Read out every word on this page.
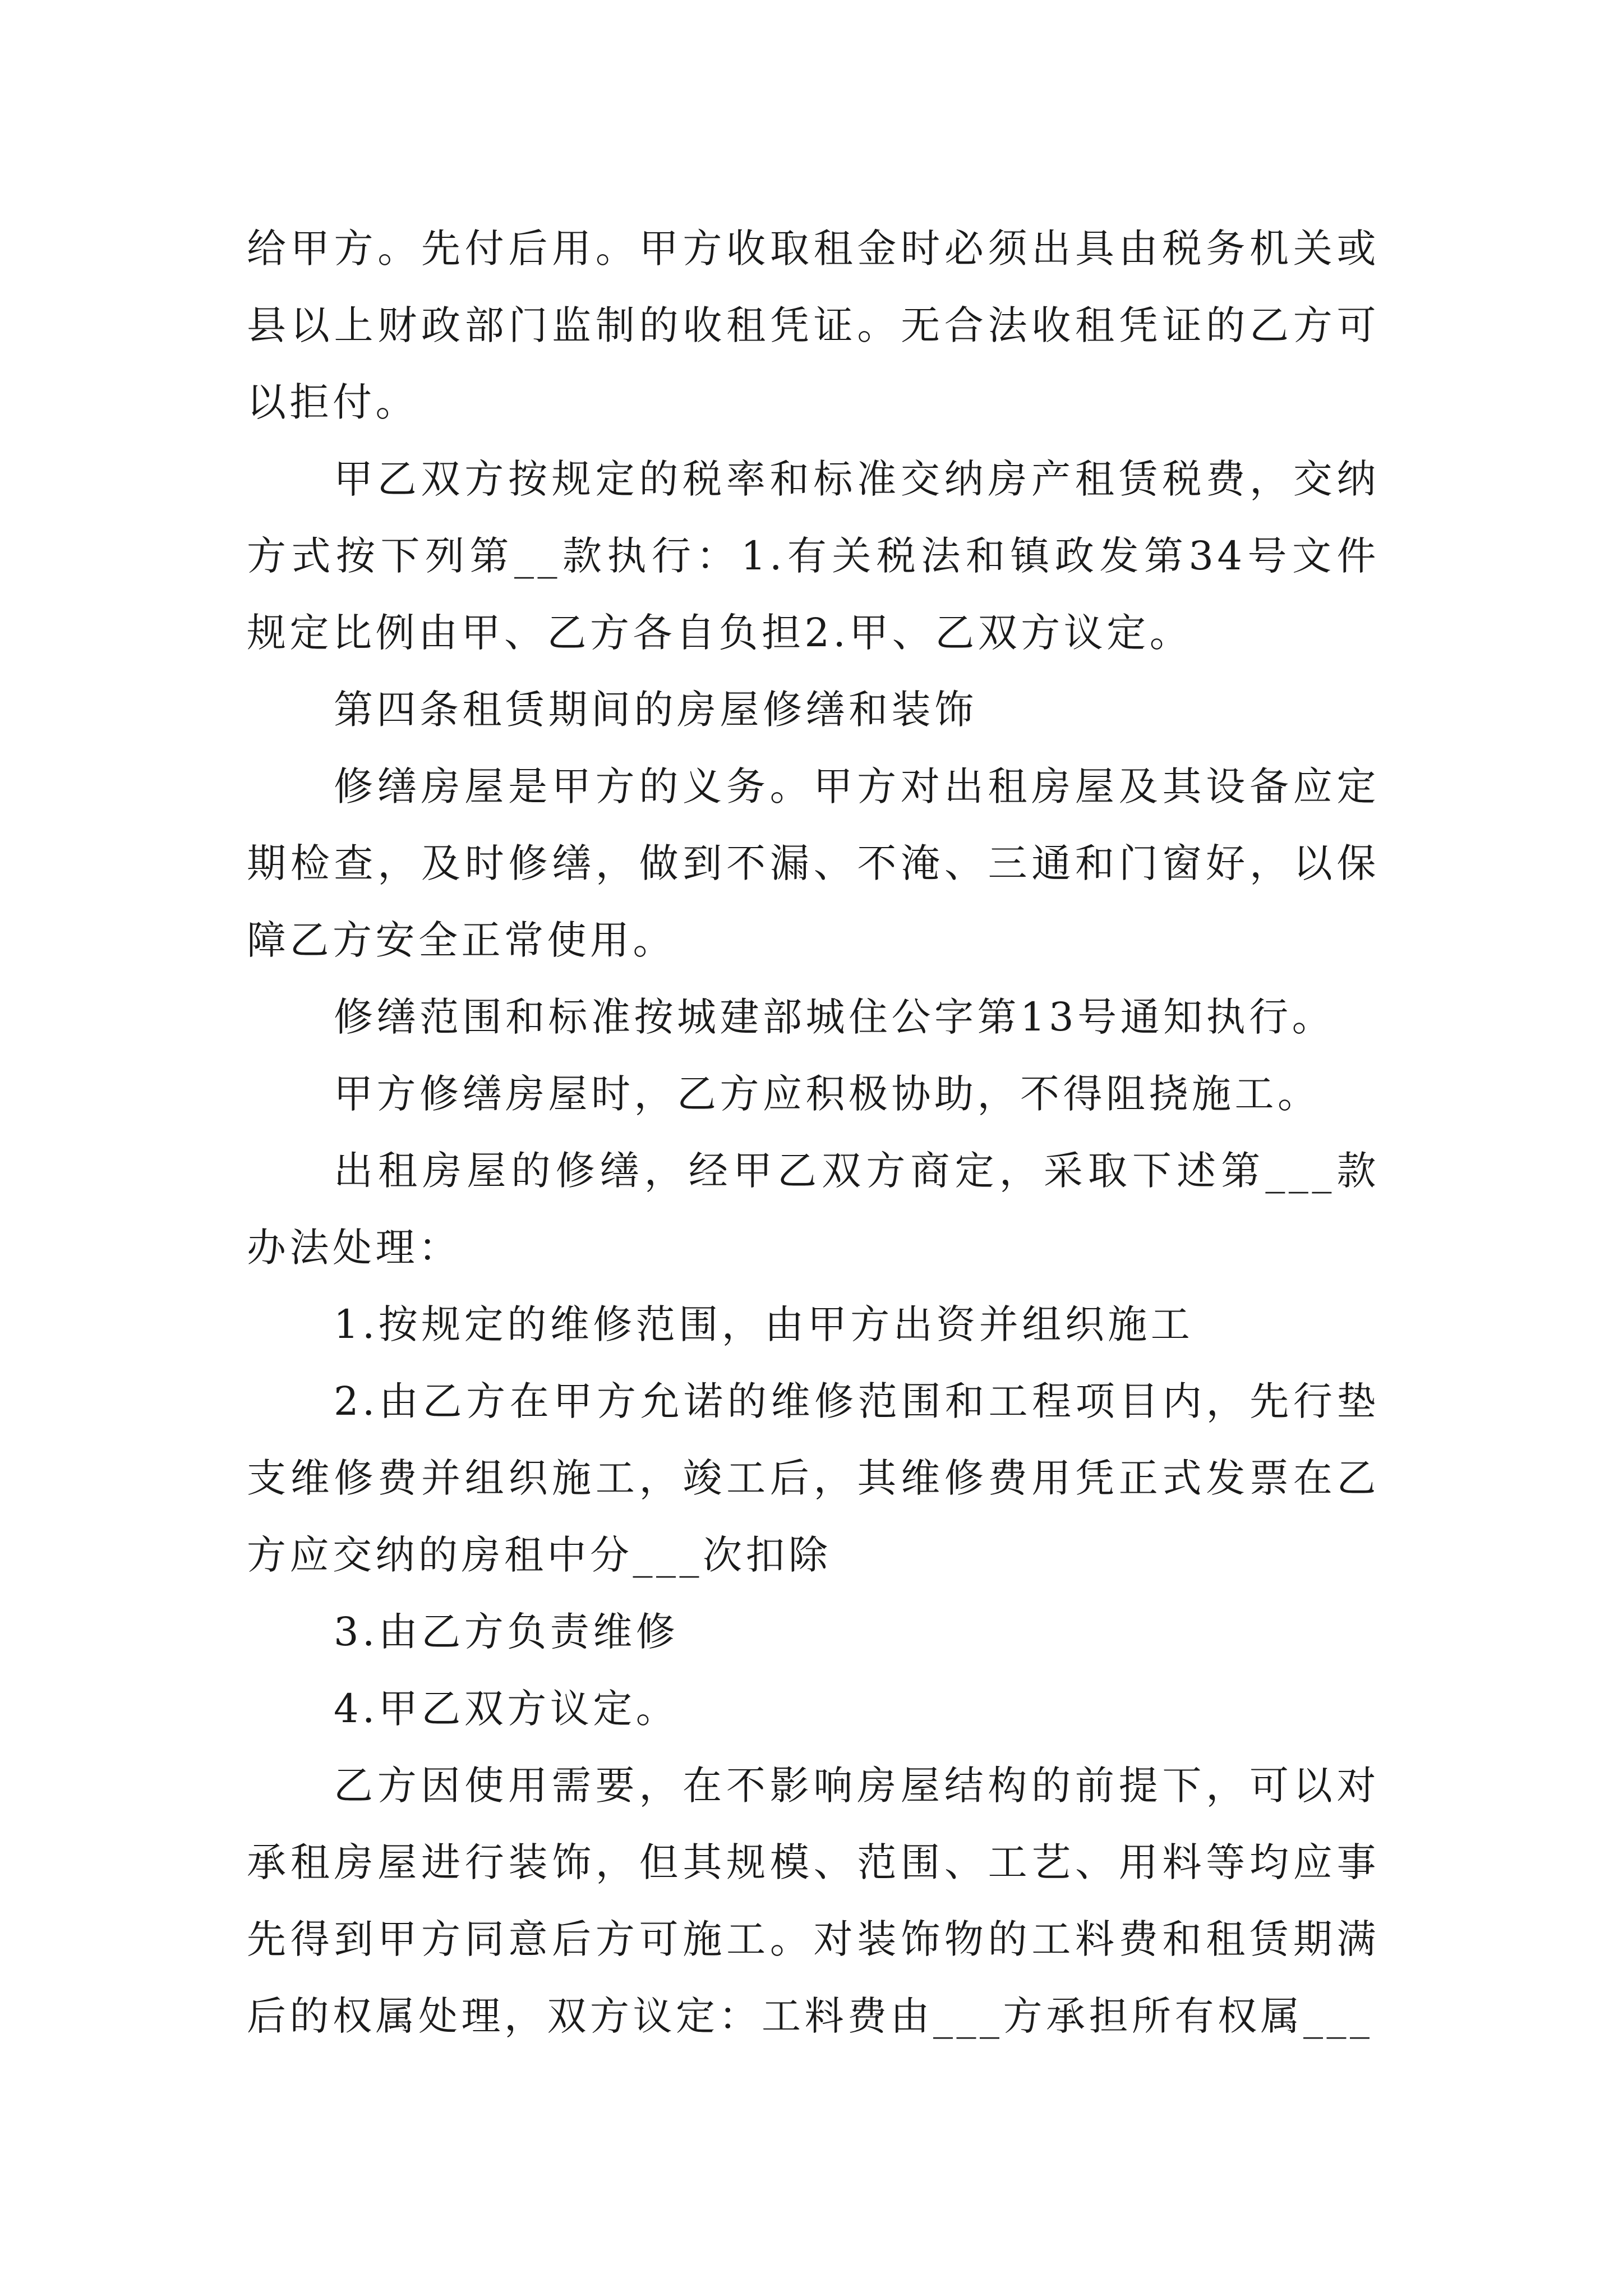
给甲方。先付后用。甲方收取租金时必须出具由税务机关或县以上财政部门监制的收租凭证。无合法收租凭证的乙方可以拒付。

甲乙双方按规定的税率和标准交纳房产租赁税费，交纳方式按下列第__款执行：1.有关税法和镇政发第34号文件规定比例由甲、乙方各自负担2.甲、乙双方议定。

第四条租赁期间的房屋修缮和装饰

修缮房屋是甲方的义务。甲方对出租房屋及其设备应定期检查，及时修缮，做到不漏、不淹、三通和门窗好，以保障乙方安全正常使用。

修缮范围和标准按城建部城住公字第13号通知执行。

甲方修缮房屋时，乙方应积极协助，不得阻挠施工。

出租房屋的修缮，经甲乙双方商定，采取下述第___款办法处理：

1.按规定的维修范围，由甲方出资并组织施工

2.由乙方在甲方允诺的维修范围和工程项目内，先行垫支维修费并组织施工，竣工后，其维修费用凭正式发票在乙方应交纳的房租中分___次扣除

3.由乙方负责维修

4.甲乙双方议定。

乙方因使用需要，在不影响房屋结构的前提下，可以对承租房屋进行装饰，但其规模、范围、工艺、用料等均应事先得到甲方同意后方可施工。对装饰物的工料费和租赁期满后的权属处理，双方议定：工料费由___方承担所有权属___
